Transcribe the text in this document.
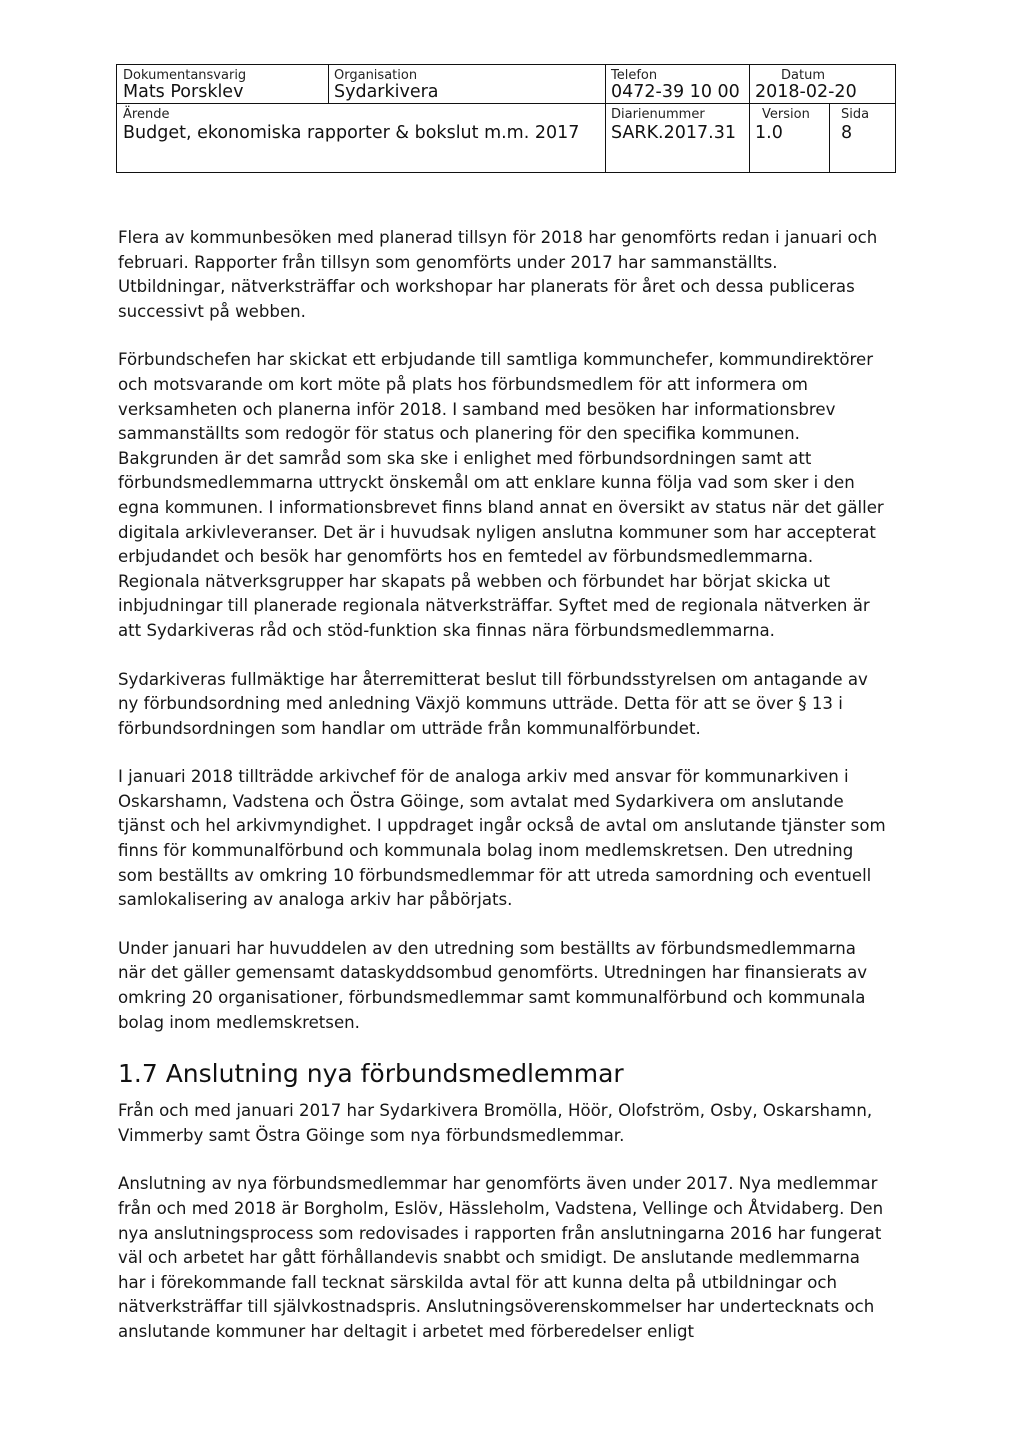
Dokumentansvarig
Mats Porsklev
Organisation
Sydarkivera
Telefon
0472-39 10 00
Datum
2018-02-20
Ärende
Budget, ekonomiska rapporter & bokslut m.m. 2017
Diarienummer
SARK.2017.31
Version
1.0
Sida
8

Flera av kommunbesöken med planerad tillsyn för 2018 har genomförts redan i januari och februari. Rapporter från tillsyn som genomförts under 2017 har sammanställts. Utbildningar, nätverksträffar och workshopar har planerats för året och dessa publiceras successivt på webben.

Förbundschefen har skickat ett erbjudande till samtliga kommunchefer, kommundirektörer och motsvarande om kort möte på plats hos förbundsmedlem för att informera om verksamheten och planerna inför 2018. I samband med besöken har informationsbrev sammanställts som redogör för status och planering för den specifika kommunen. Bakgrunden är det samråd som ska ske i enlighet med förbundsordningen samt att förbundsmedlemmarna uttryckt önskemål om att enklare kunna följa vad som sker i den egna kommunen. I informationsbrevet finns bland annat en översikt av status när det gäller digitala arkivleveranser. Det är i huvudsak nyligen anslutna kommuner som har accepterat erbjudandet och besök har genomförts hos en femtedel av förbundsmedlemmarna. Regionala nätverksgrupper har skapats på webben och förbundet har börjat skicka ut inbjudningar till planerade regionala nätverksträffar. Syftet med de regionala nätverken är att Sydarkiveras råd och stöd-funktion ska finnas nära förbundsmedlemmarna.

Sydarkiveras fullmäktige har återremitterat beslut till förbundsstyrelsen om antagande av ny förbundsordning med anledning Växjö kommuns utträde. Detta för att se över § 13 i förbundsordningen som handlar om utträde från kommunalförbundet.

I januari 2018 tillträdde arkivchef för de analoga arkiv med ansvar för kommunarkiven i Oskarshamn, Vadstena och Östra Göinge, som avtalat med Sydarkivera om anslutande tjänst och hel arkivmyndighet. I uppdraget ingår också de avtal om anslutande tjänster som finns för kommunalförbund och kommunala bolag inom medlemskretsen. Den utredning som beställts av omkring 10 förbundsmedlemmar för att utreda samordning och eventuell samlokalisering av analoga arkiv har påbörjats.

Under januari har huvuddelen av den utredning som beställts av förbundsmedlemmarna när det gäller gemensamt dataskyddsombud genomförts. Utredningen har finansierats av omkring 20 organisationer, förbundsmedlemmar samt kommunalförbund och kommunala bolag inom medlemskretsen.

1.7 Anslutning nya förbundsmedlemmar

Från och med januari 2017 har Sydarkivera Bromölla, Höör, Olofström, Osby, Oskarshamn, Vimmerby samt Östra Göinge som nya förbundsmedlemmar.

Anslutning av nya förbundsmedlemmar har genomförts även under 2017. Nya medlemmar från och med 2018 är Borgholm, Eslöv, Hässleholm, Vadstena, Vellinge och Åtvidaberg. Den nya anslutningsprocess som redovisades i rapporten från anslutningarna 2016 har fungerat väl och arbetet har gått förhållandevis snabbt och smidigt. De anslutande medlemmarna har i förekommande fall tecknat särskilda avtal för att kunna delta på utbildningar och nätverksträffar till självkostnadspris. Anslutningsöverenskommelser har undertecknats och anslutande kommuner har deltagit i arbetet med förberedelser enligt
